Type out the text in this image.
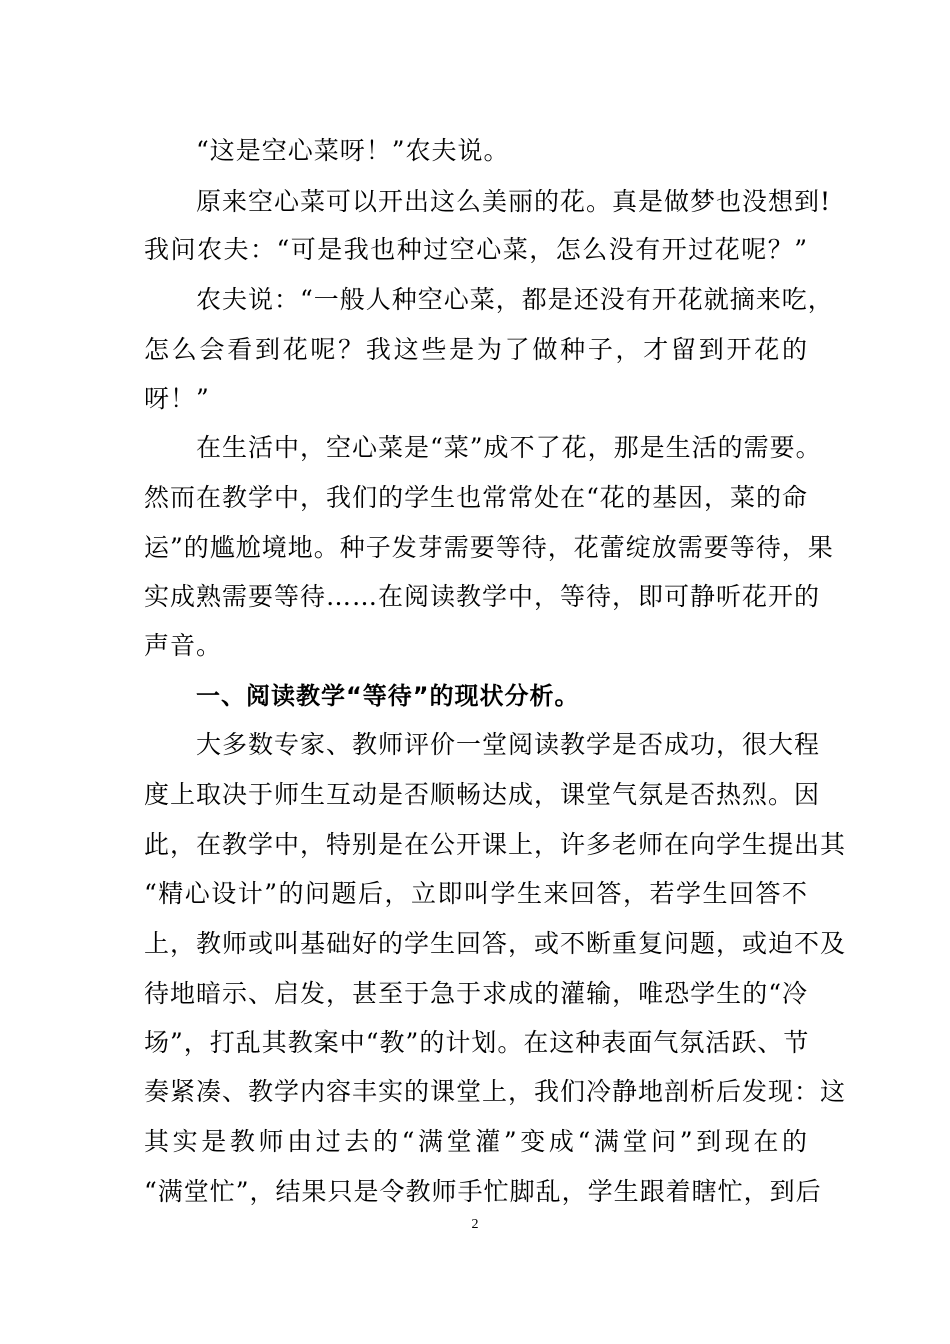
“这是空心菜呀！”农夫说。
原来空心菜可以开出这么美丽的花。真是做梦也没想到!
我问农夫：“可是我也种过空心菜，怎么没有开过花呢？”
农夫说：“一般人种空心菜，都是还没有开花就摘来吃，
怎么会看到花呢？我这些是为了做种子，才留到开花的
呀！”
在生活中，空心菜是“菜”成不了花，那是生活的需要。
然而在教学中，我们的学生也常常处在“花的基因，菜的命
运”的尴尬境地。种子发芽需要等待，花蕾绽放需要等待，果
实成熟需要等待……在阅读教学中，等待，即可静听花开的
声音。
一、阅读教学“等待”的现状分析。
大多数专家、教师评价一堂阅读教学是否成功，很大程
度上取决于师生互动是否顺畅达成，课堂气氛是否热烈。因
此，在教学中，特别是在公开课上，许多老师在向学生提出其
“精心设计”的问题后，立即叫学生来回答，若学生回答不
上，教师或叫基础好的学生回答，或不断重复问题，或迫不及
待地暗示、启发，甚至于急于求成的灌输，唯恐学生的“冷
场”，打乱其教案中“教”的计划。在这种表面气氛活跃、节
奏紧凑、教学内容丰实的课堂上，我们冷静地剖析后发现：这
其实是教师由过去的“满堂灌”变成“满堂问”到现在的
“满堂忙”，结果只是令教师手忙脚乱，学生跟着瞎忙，到后
2
